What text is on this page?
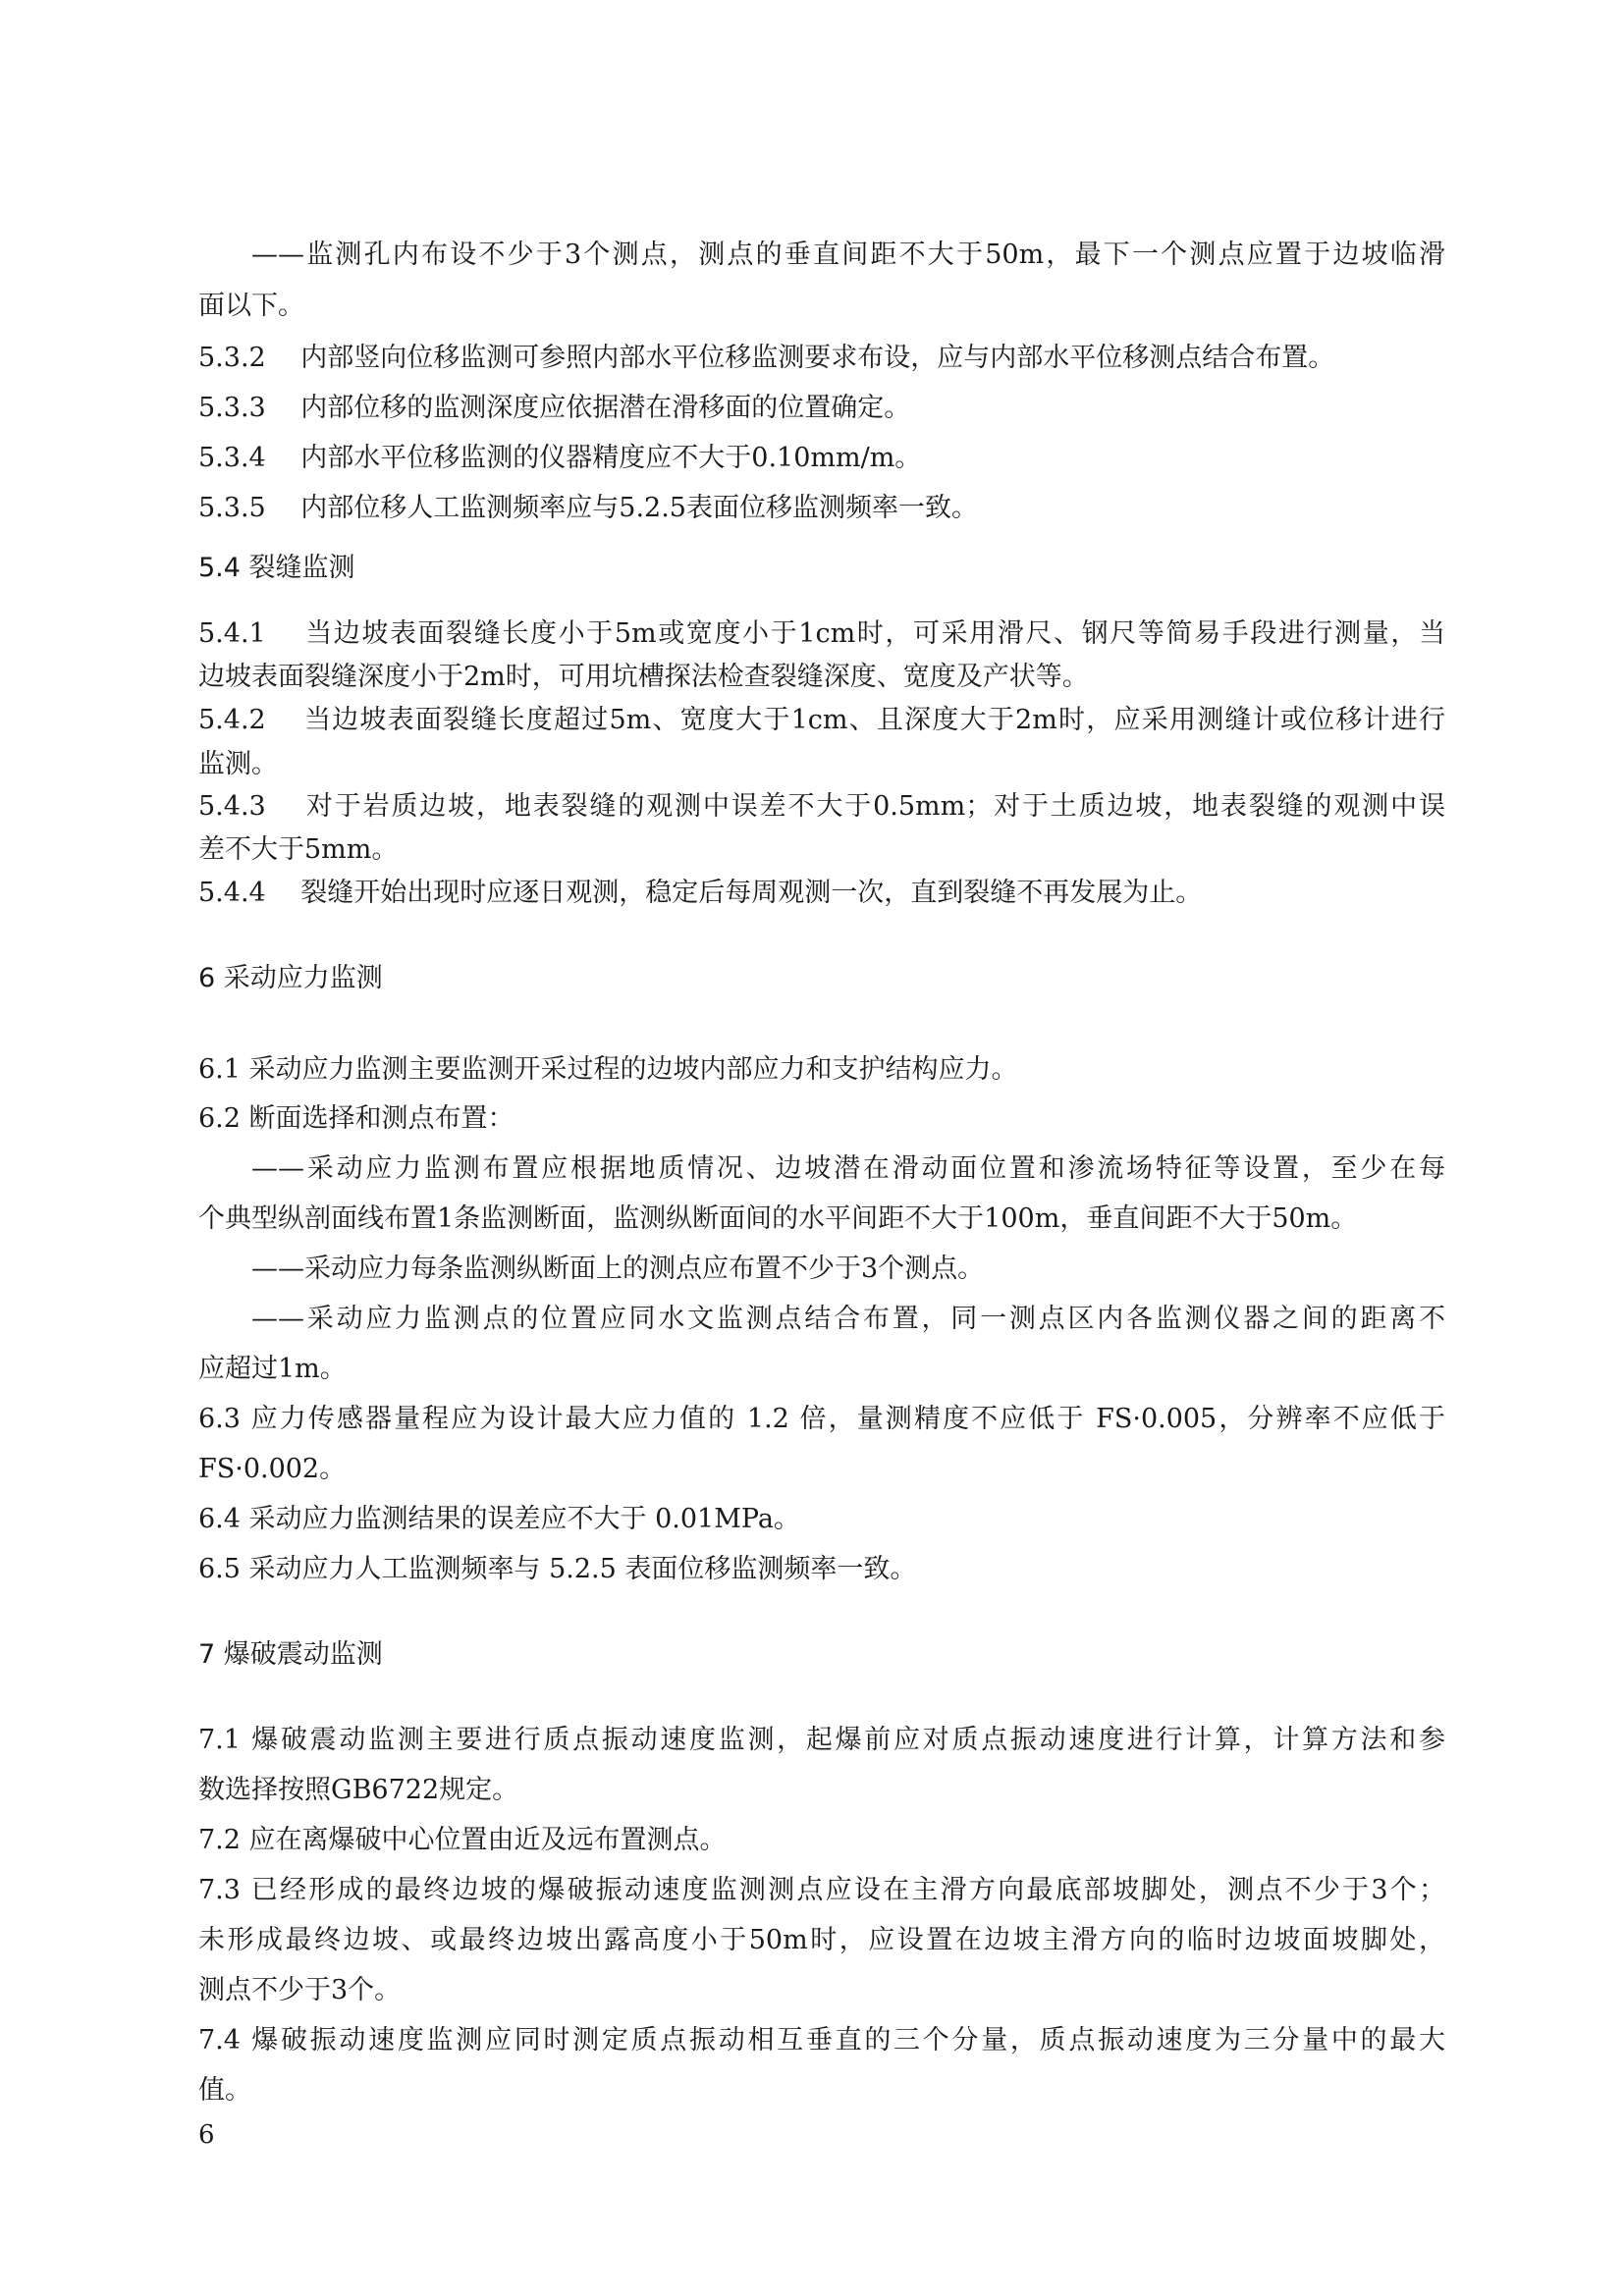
——监测孔内布设不少于3个测点，测点的垂直间距不大于50m，最下一个测点应置于边坡临滑
面以下。
5.3.2　 内部竖向位移监测可参照内部水平位移监测要求布设，应与内部水平位移测点结合布置。
5.3.3　 内部位移的监测深度应依据潜在滑移面的位置确定。
5.3.4　 内部水平位移监测的仪器精度应不大于0.10mm/m。
5.3.5　 内部位移人工监测频率应与5.2.5表面位移监测频率一致。
5.4 裂缝监测
5.4.1　 当边坡表面裂缝长度小于5m或宽度小于1cm时，可采用滑尺、钢尺等简易手段进行测量，当
边坡表面裂缝深度小于2m时，可用坑槽探法检查裂缝深度、宽度及产状等。
5.4.2　 当边坡表面裂缝长度超过5m、宽度大于1cm、且深度大于2m时，应采用测缝计或位移计进行
监测。
5.4.3　 对于岩质边坡，地表裂缝的观测中误差不大于0.5mm；对于土质边坡，地表裂缝的观测中误
差不大于5mm。
5.4.4　 裂缝开始出现时应逐日观测，稳定后每周观测一次，直到裂缝不再发展为止。
6 采动应力监测
6.1 采动应力监测主要监测开采过程的边坡内部应力和支护结构应力。
6.2 断面选择和测点布置：
——采动应力监测布置应根据地质情况、边坡潜在滑动面位置和渗流场特征等设置，至少在每
个典型纵剖面线布置1条监测断面，监测纵断面间的水平间距不大于100m，垂直间距不大于50m。
——采动应力每条监测纵断面上的测点应布置不少于3个测点。
——采动应力监测点的位置应同水文监测点结合布置，同一测点区内各监测仪器之间的距离不
应超过1m。
6.3 应力传感器量程应为设计最大应力值的 1.2 倍，量测精度不应低于 FS·0.005，分辨率不应低于
FS·0.002。
6.4 采动应力监测结果的误差应不大于 0.01MPa。
6.5 采动应力人工监测频率与 5.2.5 表面位移监测频率一致。
7 爆破震动监测
7.1 爆破震动监测主要进行质点振动速度监测，起爆前应对质点振动速度进行计算，计算方法和参
数选择按照GB6722规定。
7.2 应在离爆破中心位置由近及远布置测点。
7.3 已经形成的最终边坡的爆破振动速度监测测点应设在主滑方向最底部坡脚处，测点不少于3个；
未形成最终边坡、或最终边坡出露高度小于50m时，应设置在边坡主滑方向的临时边坡面坡脚处，
测点不少于3个。
7.4 爆破振动速度监测应同时测定质点振动相互垂直的三个分量，质点振动速度为三分量中的最大
值。
6
